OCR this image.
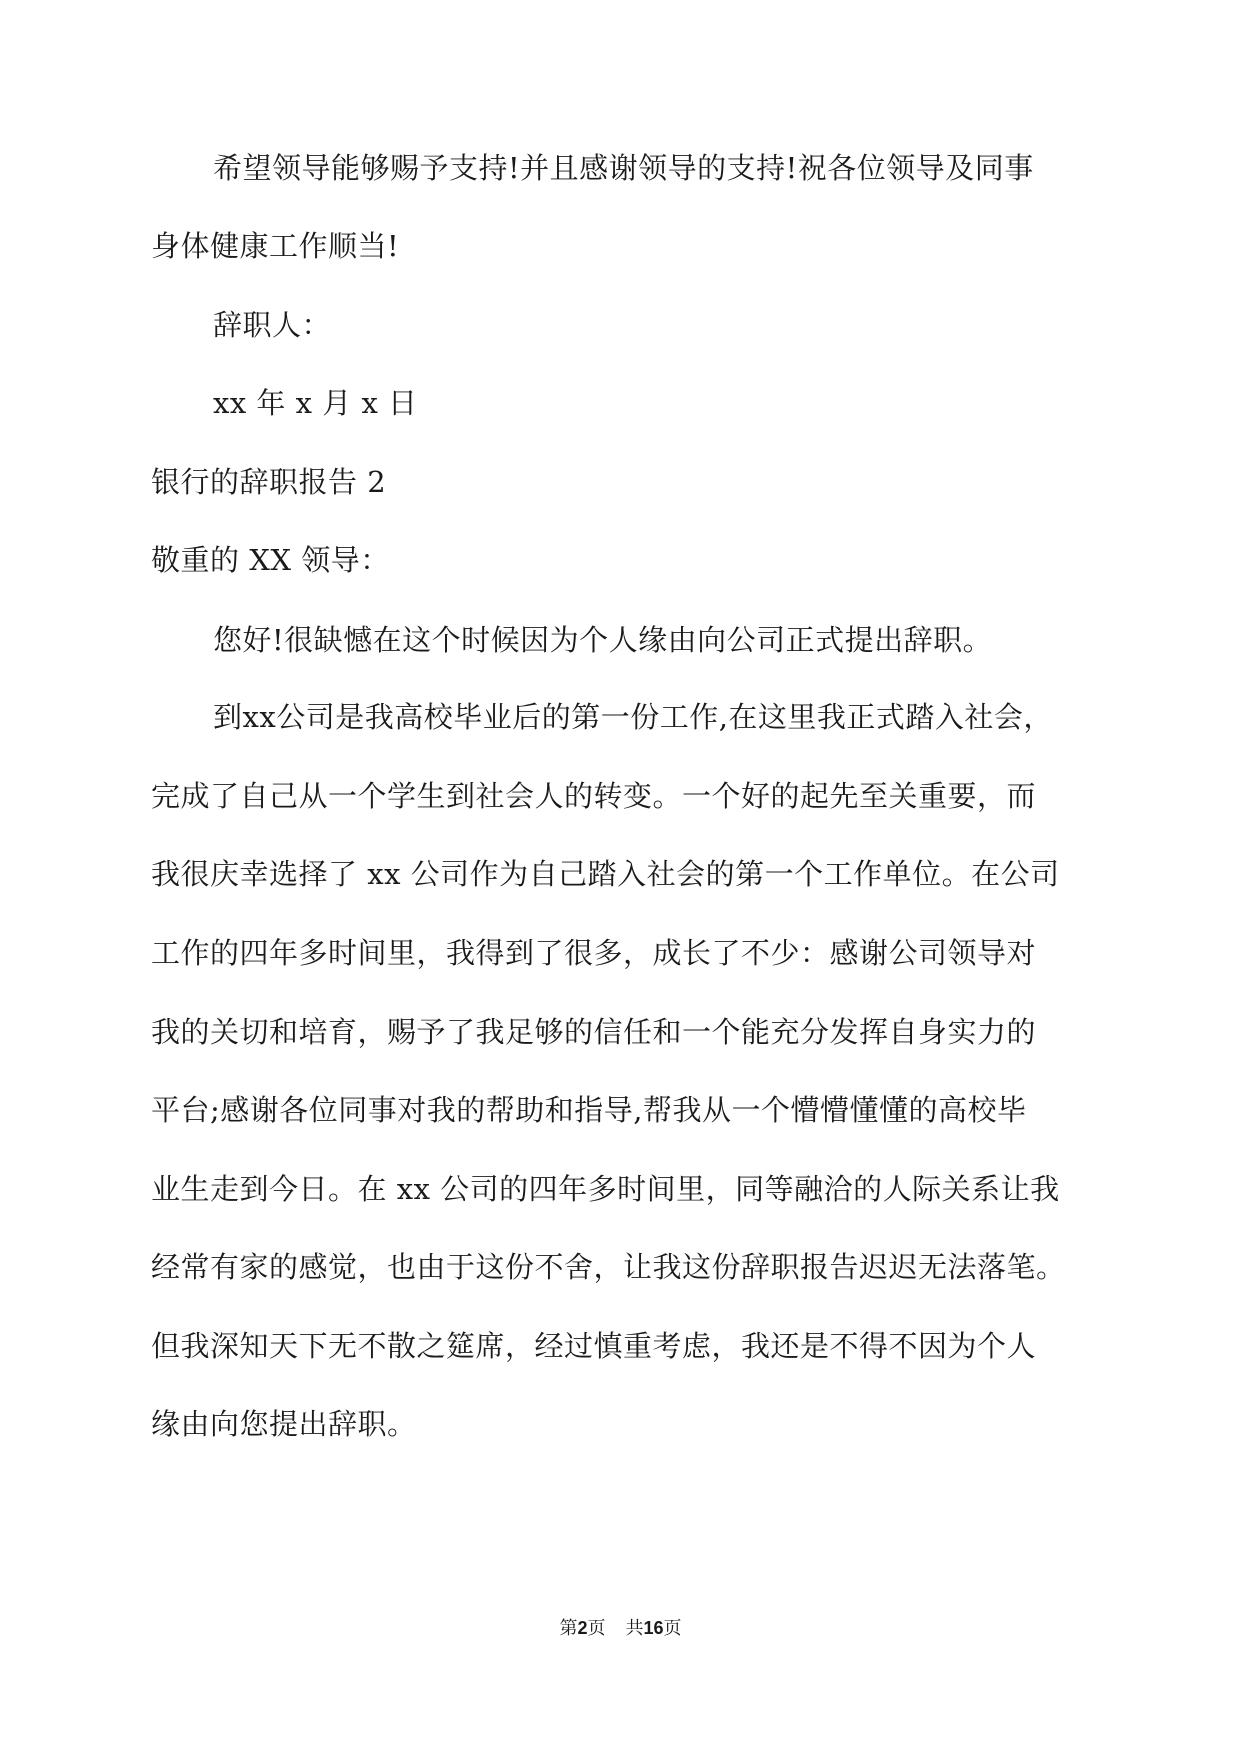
希望领导能够赐予支持!并且感谢领导的支持!祝各位领导及同事
身体健康工作顺当!
辞职人：
xx 年 x 月 x 日
银行的辞职报告 2
敬重的 XX 领导：
您好!很缺憾在这个时候因为个人缘由向公司正式提出辞职。
到xx公司是我高校毕业后的第一份工作,在这里我正式踏入社会，
完成了自己从一个学生到社会人的转变。一个好的起先至关重要，而
我很庆幸选择了 xx 公司作为自己踏入社会的第一个工作单位。在公司
工作的四年多时间里，我得到了很多，成长了不少：感谢公司领导对
我的关切和培育，赐予了我足够的信任和一个能充分发挥自身实力的
平台;感谢各位同事对我的帮助和指导,帮我从一个懵懵懂懂的高校毕
业生走到今日。在 xx 公司的四年多时间里，同等融洽的人际关系让我
经常有家的感觉，也由于这份不舍，让我这份辞职报告迟迟无法落笔。
但我深知天下无不散之筵席，经过慎重考虑，我还是不得不因为个人
缘由向您提出辞职。
第2页 共16页
